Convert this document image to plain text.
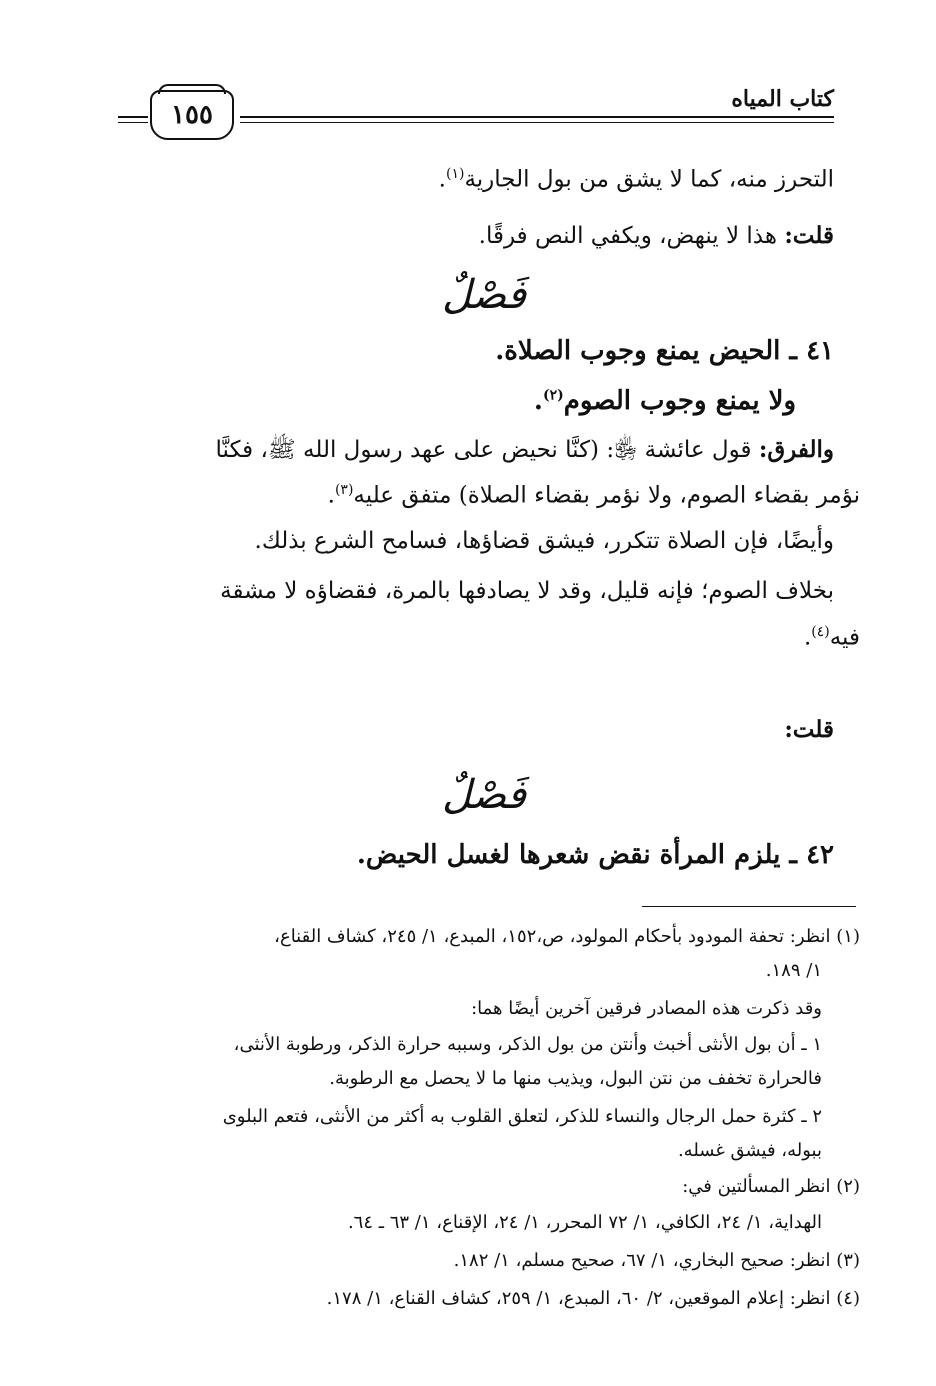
كتاب المياه
١٥٥
التحرز منه، كما لا يشق من بول الجارية$^{(١)}$.
قلت: هذا لا ينهض، ويكفي النص فرقًا.
فَصْلٌ
٤١ ـ الحيض يمنع وجوب الصلاة.
ولا يمنع وجوب الصوم$^{(٢)}$.
والفرق: قول عائشة ﵂: (كنَّا نحيض على عهد رسول الله ﷺ، فكنَّا
نؤمر بقضاء الصوم، ولا نؤمر بقضاء الصلاة) متفق عليه$^{(٣)}$.
وأيضًا، فإن الصلاة تتكرر، فيشق قضاؤها، فسامح الشرع بذلك.
بخلاف الصوم؛ فإنه قليل، وقد لا يصادفها بالمرة، فقضاؤه لا مشقة
فيه$^{(٤)}$.
قلت:
فَصْلٌ
٤٢ ـ يلزم المرأة نقض شعرها لغسل الحيض.
(١) انظر: تحفة المودود بأحكام المولود، ص،١٥٢، المبدع، ١/ ٢٤٥، كشاف القناع،
١/ ١٨٩.
وقد ذكرت هذه المصادر فرقين آخرين أيضًا هما:
١ ـ أن بول الأنثى أخبث وأنتن من بول الذكر، وسببه حرارة الذكر، ورطوبة الأنثى،
فالحرارة تخفف من نتن البول، ويذيب منها ما لا يحصل مع الرطوبة.
٢ ـ كثرة حمل الرجال والنساء للذكر، لتعلق القلوب به أكثر من الأنثى، فتعم البلوى
ببوله، فيشق غسله.
(٢) انظر المسألتين في:
الهداية، ١/ ٢٤، الكافي، ١/ ٧٢ المحرر، ١/ ٢٤، الإقناع، ١/ ٦٣ ـ ٦٤.
(٣) انظر: صحيح البخاري، ١/ ٦٧، صحيح مسلم، ١/ ١٨٢.
(٤) انظر: إعلام الموقعين، ٢/ ٦٠، المبدع، ١/ ٢٥٩، كشاف القناع، ١/ ١٧٨.
